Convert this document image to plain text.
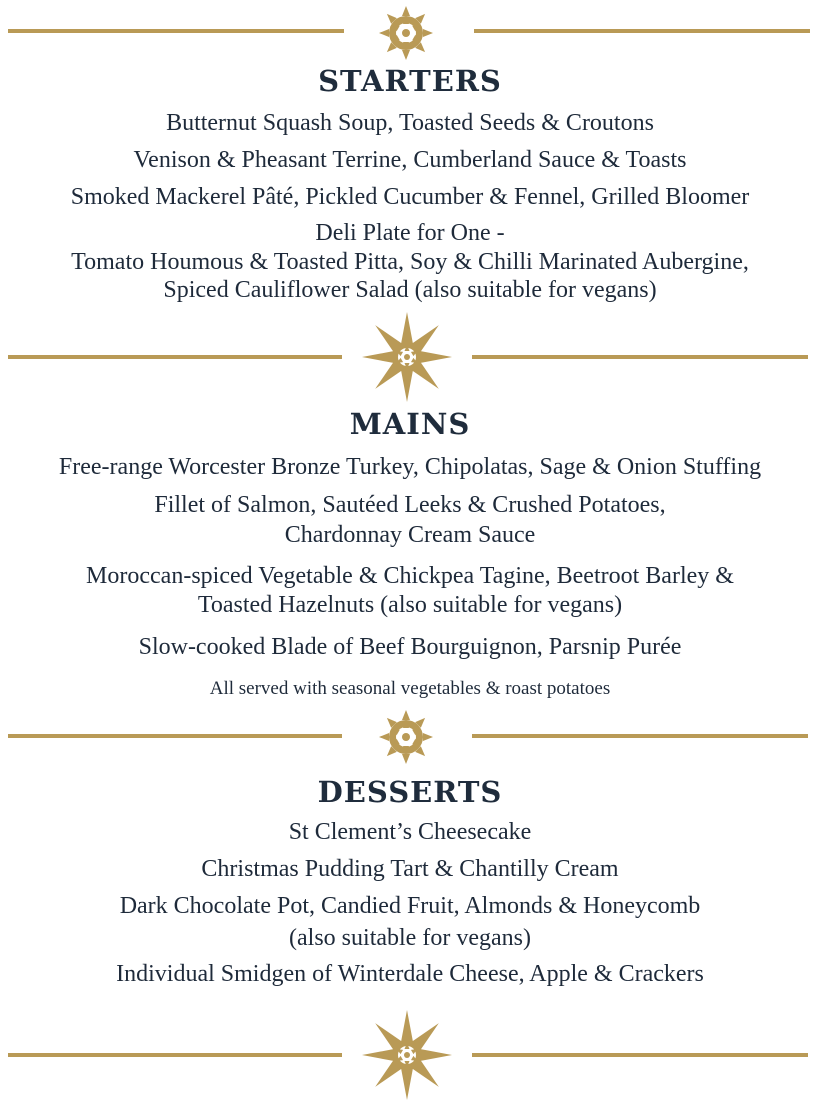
STARTERS

Butternut Squash Soup, Toasted Seeds & Croutons

Venison & Pheasant Terrine, Cumberland Sauce & Toasts

Smoked Mackerel Pâté, Pickled Cucumber & Fennel, Grilled Bloomer

Deli Plate for One -

Tomato Houmous & Toasted Pitta, Soy & Chilli Marinated Aubergine,

Spiced Cauliflower Salad (also suitable for vegans)

MAINS

Free-range Worcester Bronze Turkey, Chipolatas, Sage & Onion Stuffing

Fillet of Salmon, Sautéed Leeks & Crushed Potatoes,

Chardonnay Cream Sauce

Moroccan-spiced Vegetable & Chickpea Tagine, Beetroot Barley &

Toasted Hazelnuts (also suitable for vegans)

Slow-cooked Blade of Beef Bourguignon, Parsnip Purée

All served with seasonal vegetables & roast potatoes

DESSERTS

St Clement’s Cheesecake

Christmas Pudding Tart & Chantilly Cream

Dark Chocolate Pot, Candied Fruit, Almonds & Honeycomb

(also suitable for vegans)

Individual Smidgen of Winterdale Cheese, Apple & Crackers
